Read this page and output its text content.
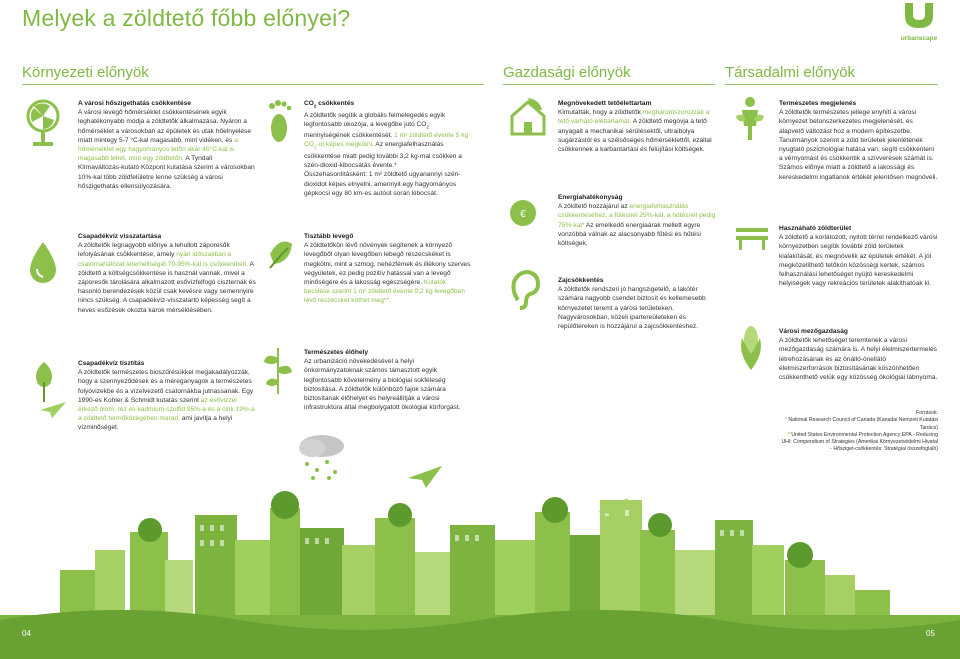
Melyek a zöldtető főbb előnyei?
urbanscape
Környezeti előnyök	Gazdasági előnyök	Társadalmi előnyök
€
A városi hőszigethatás csökkentése
A városi levegő hőmérséklet csökkentésének egyik leghatékonyabb módja a zöldtetők alkalmazása. Nyáron a hőmérséklet a városokban az épületek és utak hőelnyelése miatt mintegy 5-7 °C-kal magasabb, mint vidéken, és a hőmérséklet egy hagyományos tetőn akár 40°C-kal is magasabb lehet, mint egy zöldtetőn. A Tyndall Klímaváltozás-kutató Központ kutatása szerint a városokban 10%-kal több zöldfelületre lenne szükség a városi hőszigethatás ellensúlyozására.
Csapadékvíz visszatartása
A zöldtetők legnagyobb előnye a lehullott záporesők lefolyásának csökkentése, amely nyári időszakban a csatornahálózat leterheltségét 70-95%-kal is csökkentheti. A zöldtető a költségcsökkentése is használ vannak, mivel a záporesők tárolására alkalmazott esővízfelfogó ciszternák és hasonló berendezések közül csak kevésre vagy semennyire nincs szükség. A csapadékvíz-visszatartó képesség segít a heves esőzések okozta károk mérséklésében.
Csapadékvíz tisztítás
A zöldtetők természetes bioszűrésükkel megakadályozzák, hogy a szennyeződések és a méreganyagok a természetes folyóvizekbe és a vízelvezető csatornákba jutnassanak. Egy 1990-es Kohler & Schmidt kutatás szerint az esővizzel érkező ólom, réz és kadmium-szulfid 95%-a és a cink 19%-a a zöldtető termőközegében marad, ami javítja a helyi vízminőséget.
$CO_2$ csökkentés
A zöldtetők segítik a globális felmelegedés egyik legfontosabb okozója, a levegőbe jutó $CO_2$ mennyiségének csökkentését. 1 m² zöldtető évente 5 kg $CO_2-ot$ képes megkötni. Az energiafelhasználás csökkentése miatt pedig további 3,2 kg-mal csökken a szén-dioxid-kibocsátás évente.*
Összehasonlításként: 1 m² zöldtető ugyanannyi szén-dioxidot képes elnyelni, amennyit egy hagyományos gépkocsi egy 80 km-es autóút során kibocsát.
Tisztább levegő
A zöldtetőkön lévő növények segítenek a környező levegőből olyan levegőben lebegő részecskéket is megkötni, mint a szmog, nehézfémek és illékony szerves vegyületek, ez pedig pozitív hatással van a levegő minőségére és a lakosság egészségére. Kutatók becslése szerint 1 m² zöldtető évente 0,2 kg levegőben lévő részecskét köthet meg**.
Természetes élőhely
Az urbanizáció növekedésével a helyi önkormányzatoknak számos támasztott egyik legfontosabb követelmény a biológiai sokféleség biztosítása. A zöldtetők különböző fajok számára biztosítanak élőhelyet és helyreállítják a városi infrastruktúra által megbolygatott ökológiai körforgást.
Megnövekedett tetőélettartam
Kimutatták, hogy a zöldtetők meghároms​zorozzák a tető várható élettartamát. A zöldtető megóvja a tető anyagait a mechanikai sérülésektől, ultraibolya sugárzástól és a szélsőséges hőmérséklettől, ezáltal csökkennek a karbantartási és felújítási költségek.
Energiahatékonyság
A zöldtető hozzájárul az energiafelhasználás csökkentéséhez, a fűtésnél 25%-kal, a hűtésnél pedig 75%-kal* Az emelkedő energiaárak mellett egyre vonzóbbá válnak az alacsonyabb fűtési és hűtési költségek.
Zajcsökkentés
A zöldtetők rendszeri jó hangszigetelő, a lakótér számára nagyobb csendet biztosít és kellemesebb környezetet teremt a városi területeken. Nagyvárosokban, közeli ipartereületeken és repülőtereken is hozzájárul a zajcsökkentéshez.
Természetes megjelenés
A zöldtetők természetes jellege enyhíti a városi környezet betonszerkezetes megjelenését, és alapvető változást hoz a modern építészetbe. Tanulmányok szerint a zöld területek jelenlétének nyugtató pszichológiai hatása van, segíti csökkenteni a vérnyomást és csökkentik a szívverések számát is. Számos előnye miatt a zöldtető a lakossági és kereskedelmi ingatlanok értékét jelentősen megnöveli.
Hasznáható zöldterület
A zöldtető a korlátozott, nyitott térrel rendelkező városi környezetben segítik további zöld területek kialakítását, és megnövelik az épületek értékét. A jól megközelíthető tetőkön közösségi kertek, számos felhasználási lehetőséget nyújtó kereskedelmi helyiségek vagy rekreációs területek alakíthatóak ki.
Városi mezőgazdaság
A zöldtetők lehetőséget teremtenek a városi mezőgazdaság számára is. A helyi élelmiszertermelés létrehozásának és az önálló-önellátó élelmiszerforrások biztosításának köszönhetően csökkenthető velük egy közösség ökológiai lábnyoma.
Források:
* National Research Council of Canada (Kanadai Nemzeti Kutatási Tanács)
**United States Environmental Protection Agency EPA - Reducing UHI: Compendium of Strategies (Amerikai Környezetvédelmi Hivatal - Hősziget-csökkentés: Stratégiai összefoglaló)
04	05
